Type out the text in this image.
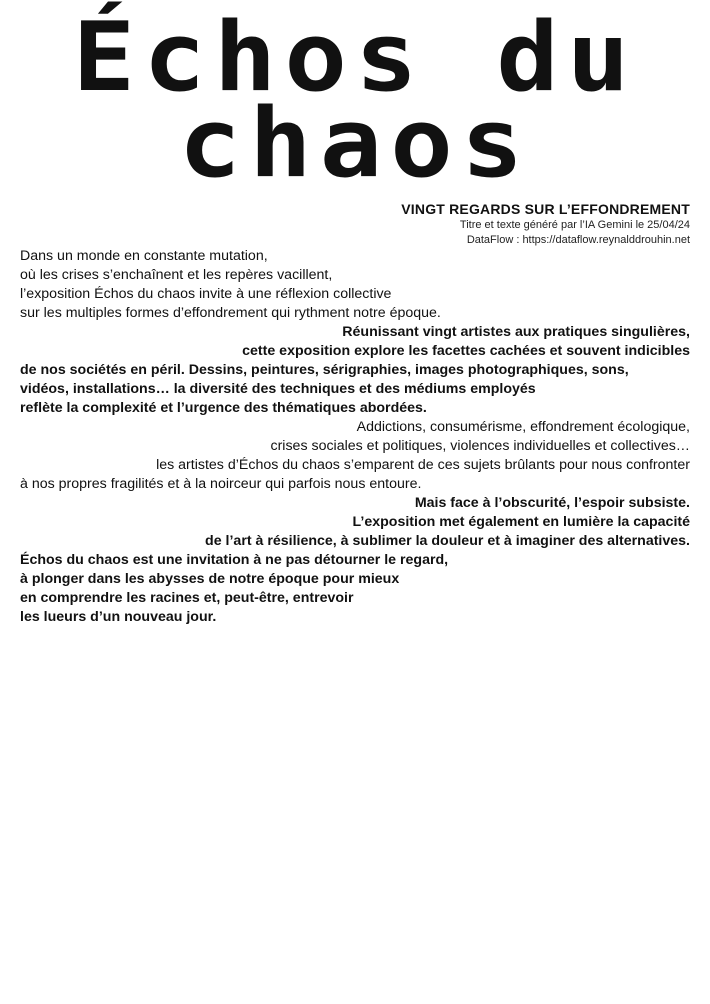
Échos du
chaos
VINGT REGARDS SUR L’EFFONDREMENT
Titre et texte généré par l’IA Gemini le 25/04/24
DataFlow : https://dataflow.reynalddrouhin.net
Dans un monde en constante mutation,
où les crises s’enchaînent et les repères vacillent,
l’exposition Échos du chaos invite à une réflexion collective
sur les multiples formes d’effondrement qui rythment notre époque.
Réunissant vingt artistes aux pratiques singulières,
cette exposition explore les facettes cachées et souvent indicibles
de nos sociétés en péril. Dessins, peintures, sérigraphies, images photographiques, sons,
vidéos, installations… la diversité des techniques et des médiums employés
reflète la complexité et l’urgence des thématiques abordées.
Addictions, consumérisme, effondrement écologique,
crises sociales et politiques, violences individuelles et collectives…
les artistes d’Échos du chaos s’emparent de ces sujets brûlants pour nous confronter
à nos propres fragilités et à la noirceur qui parfois nous entoure.
Mais face à l’obscurité, l’espoir subsiste.
L’exposition met également en lumière la capacité
de l’art à résilience, à sublimer la douleur et à imaginer des alternatives.
Échos du chaos est une invitation à ne pas détourner le regard,
à plonger dans les abysses de notre époque pour mieux
en comprendre les racines et, peut-être, entrevoir
les lueurs d’un nouveau jour.
